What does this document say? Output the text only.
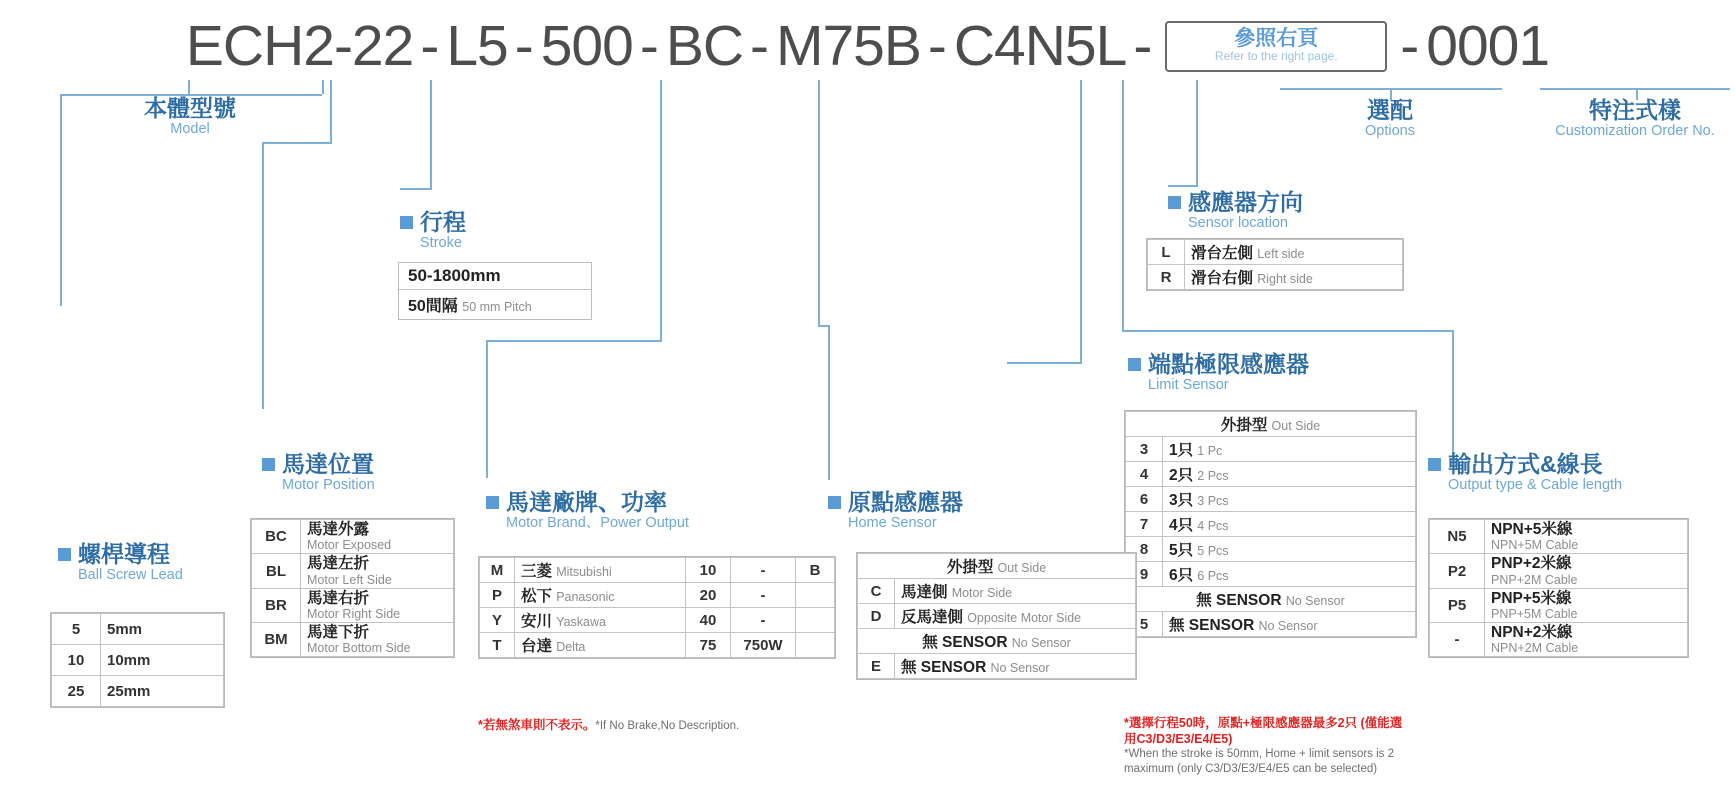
ECH2-22 - L5 - 500 - BC - M75B - C4N5L -	參照右頁
Refer to the right page. - 0001
本體型號
Model
選配
Options
特注式樣
Customization Order No.
行程
Stroke
50-1800mm
50間隔 50 mm Pitch
感應器方向
Sensor location
L	滑台左側 Left side
R	滑台右側 Right side
端點極限感應器
Limit Sensor
外掛型 Out Side	
3	1只 1 Pc
4	2只 2 Pcs
6	3只 3 Pcs
7	4只 4 Pcs
8	5只 5 Pcs
9	6只 6 Pcs
無 SENSOR No Sensor	
5	無 SENSOR No Sensor
*選擇行程50時，原點+極限感應器最多2只 (僅能選用C3/D3/E3/E4/E5)
*When the stroke is 50mm, Home + limit sensors is 2 maximum (only C3/D3/E3/E4/E5 can be selected)
馬達位置
Motor Position
BC	馬達外露
Motor Exposed

BL	馬達左折
Motor Left Side

BR	馬達右折
Motor Right Side

BM	馬達下折
Motor Bottom Side
馬達廠牌、功率
Motor Brand、Power Output
M	三菱 Mitsubishi	10	-	B
P	松下 Panasonic	20	-	
Y	安川 Yaskawa	40	-	
T	台達 Delta	75	750W	
*若無煞車則不表示。*If No Brake,No Description.
原點感應器
Home Sensor
外掛型 Out Side	
C	馬達側 Motor Side
D	反馬達側 Opposite Motor Side
無 SENSOR No Sensor	
E	無 SENSOR No Sensor
輸出方式&線長
Output type & Cable length
N5	NPN+5米線
NPN+5M Cable

P2	PNP+2米線
PNP+2M Cable

P5	PNP+5米線
PNP+5M Cable

-	NPN+2米線
NPN+2M Cable
螺桿導程
Ball Screw Lead
5	5mm
10	10mm
25	25mm
